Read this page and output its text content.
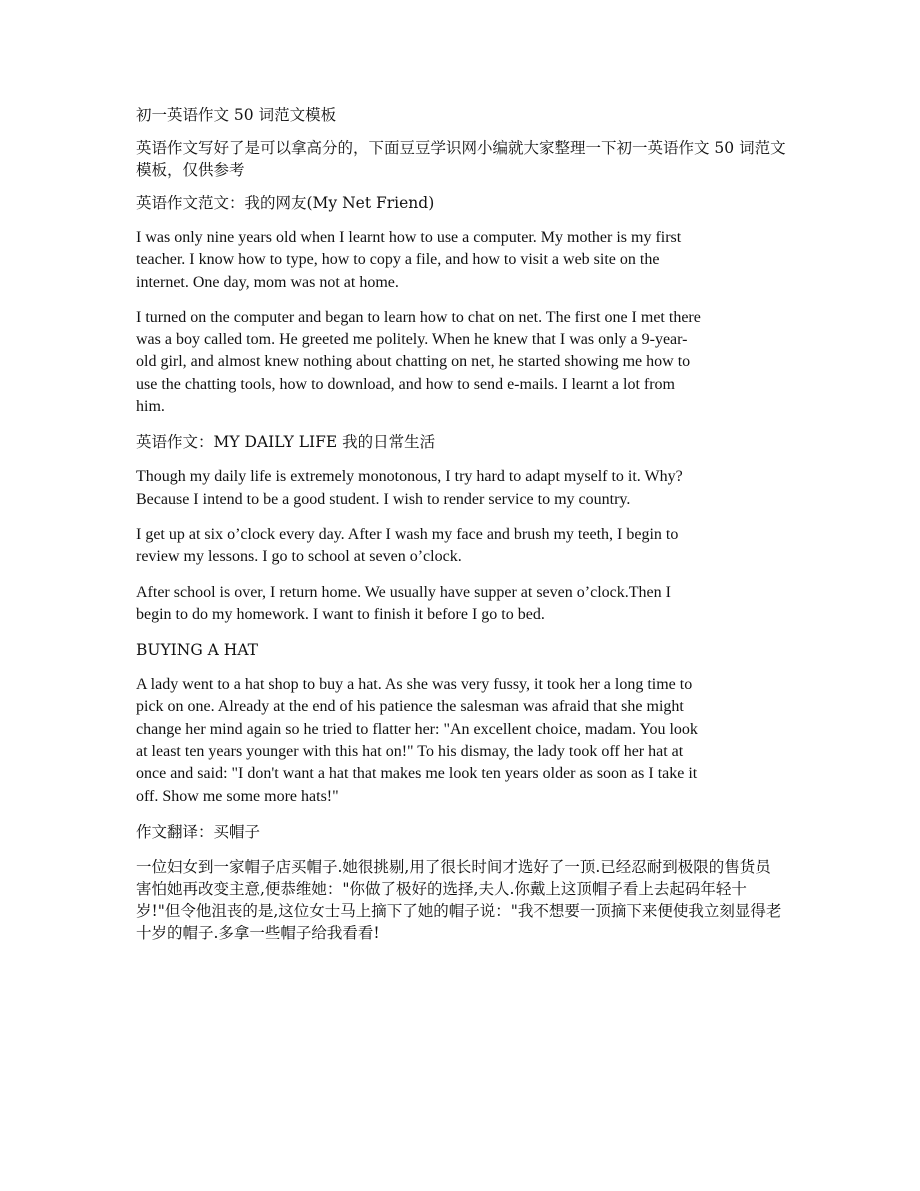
初一英语作文 50 词范文模板

英语作文写好了是可以拿高分的，下面豆豆学识网小编就大家整理一下初一英语作文 50 词范文模板，仅供参考

英语作文范文：我的网友(My Net Friend)

I was only nine years old when I learnt how to use a computer. My mother is my first teacher. I know how to type, how to copy a file, and how to visit a web site on the internet. One day, mom was not at home.

I turned on the computer and began to learn how to chat on net. The first one I met there was a boy called tom. He greeted me politely. When he knew that I was only a 9-year-old girl, and almost knew nothing about chatting on net, he started showing me how to use the chatting tools, how to download, and how to send e-mails. I learnt a lot from him.

英语作文：MY DAILY LIFE 我的日常生活

Though my daily life is extremely monotonous, I try hard to adapt myself to it. Why? Because I intend to be a good student. I wish to render service to my country.

I get up at six o’clock every day. After I wash my face and brush my teeth, I begin to review my lessons. I go to school at seven o’clock.

After school is over, I return home. We usually have supper at seven o’clock.Then I begin to do my homework. I want to finish it before I go to bed.

BUYING A HAT

A lady went to a hat shop to buy a hat. As she was very fussy, it took her a long time to pick on one. Already at the end of his patience the salesman was afraid that she might change her mind again so he tried to flatter her: "An excellent choice, madam. You look at least ten years younger with this hat on!" To his dismay, the lady took off her hat at once and said: "I don't want a hat that makes me look ten years older as soon as I take it off. Show me some more hats!"

作文翻译：买帽子

一位妇女到一家帽子店买帽子.她很挑剔,用了很长时间才选好了一顶.已经忍耐到极限的售货员害怕她再改变主意,便恭维她："你做了极好的选择,夫人.你戴上这顶帽子看上去起码年轻十岁!"但令他沮丧的是,这位女士马上摘下了她的帽子说："我不想要一顶摘下来便使我立刻显得老十岁的帽子.多拿一些帽子给我看看!
